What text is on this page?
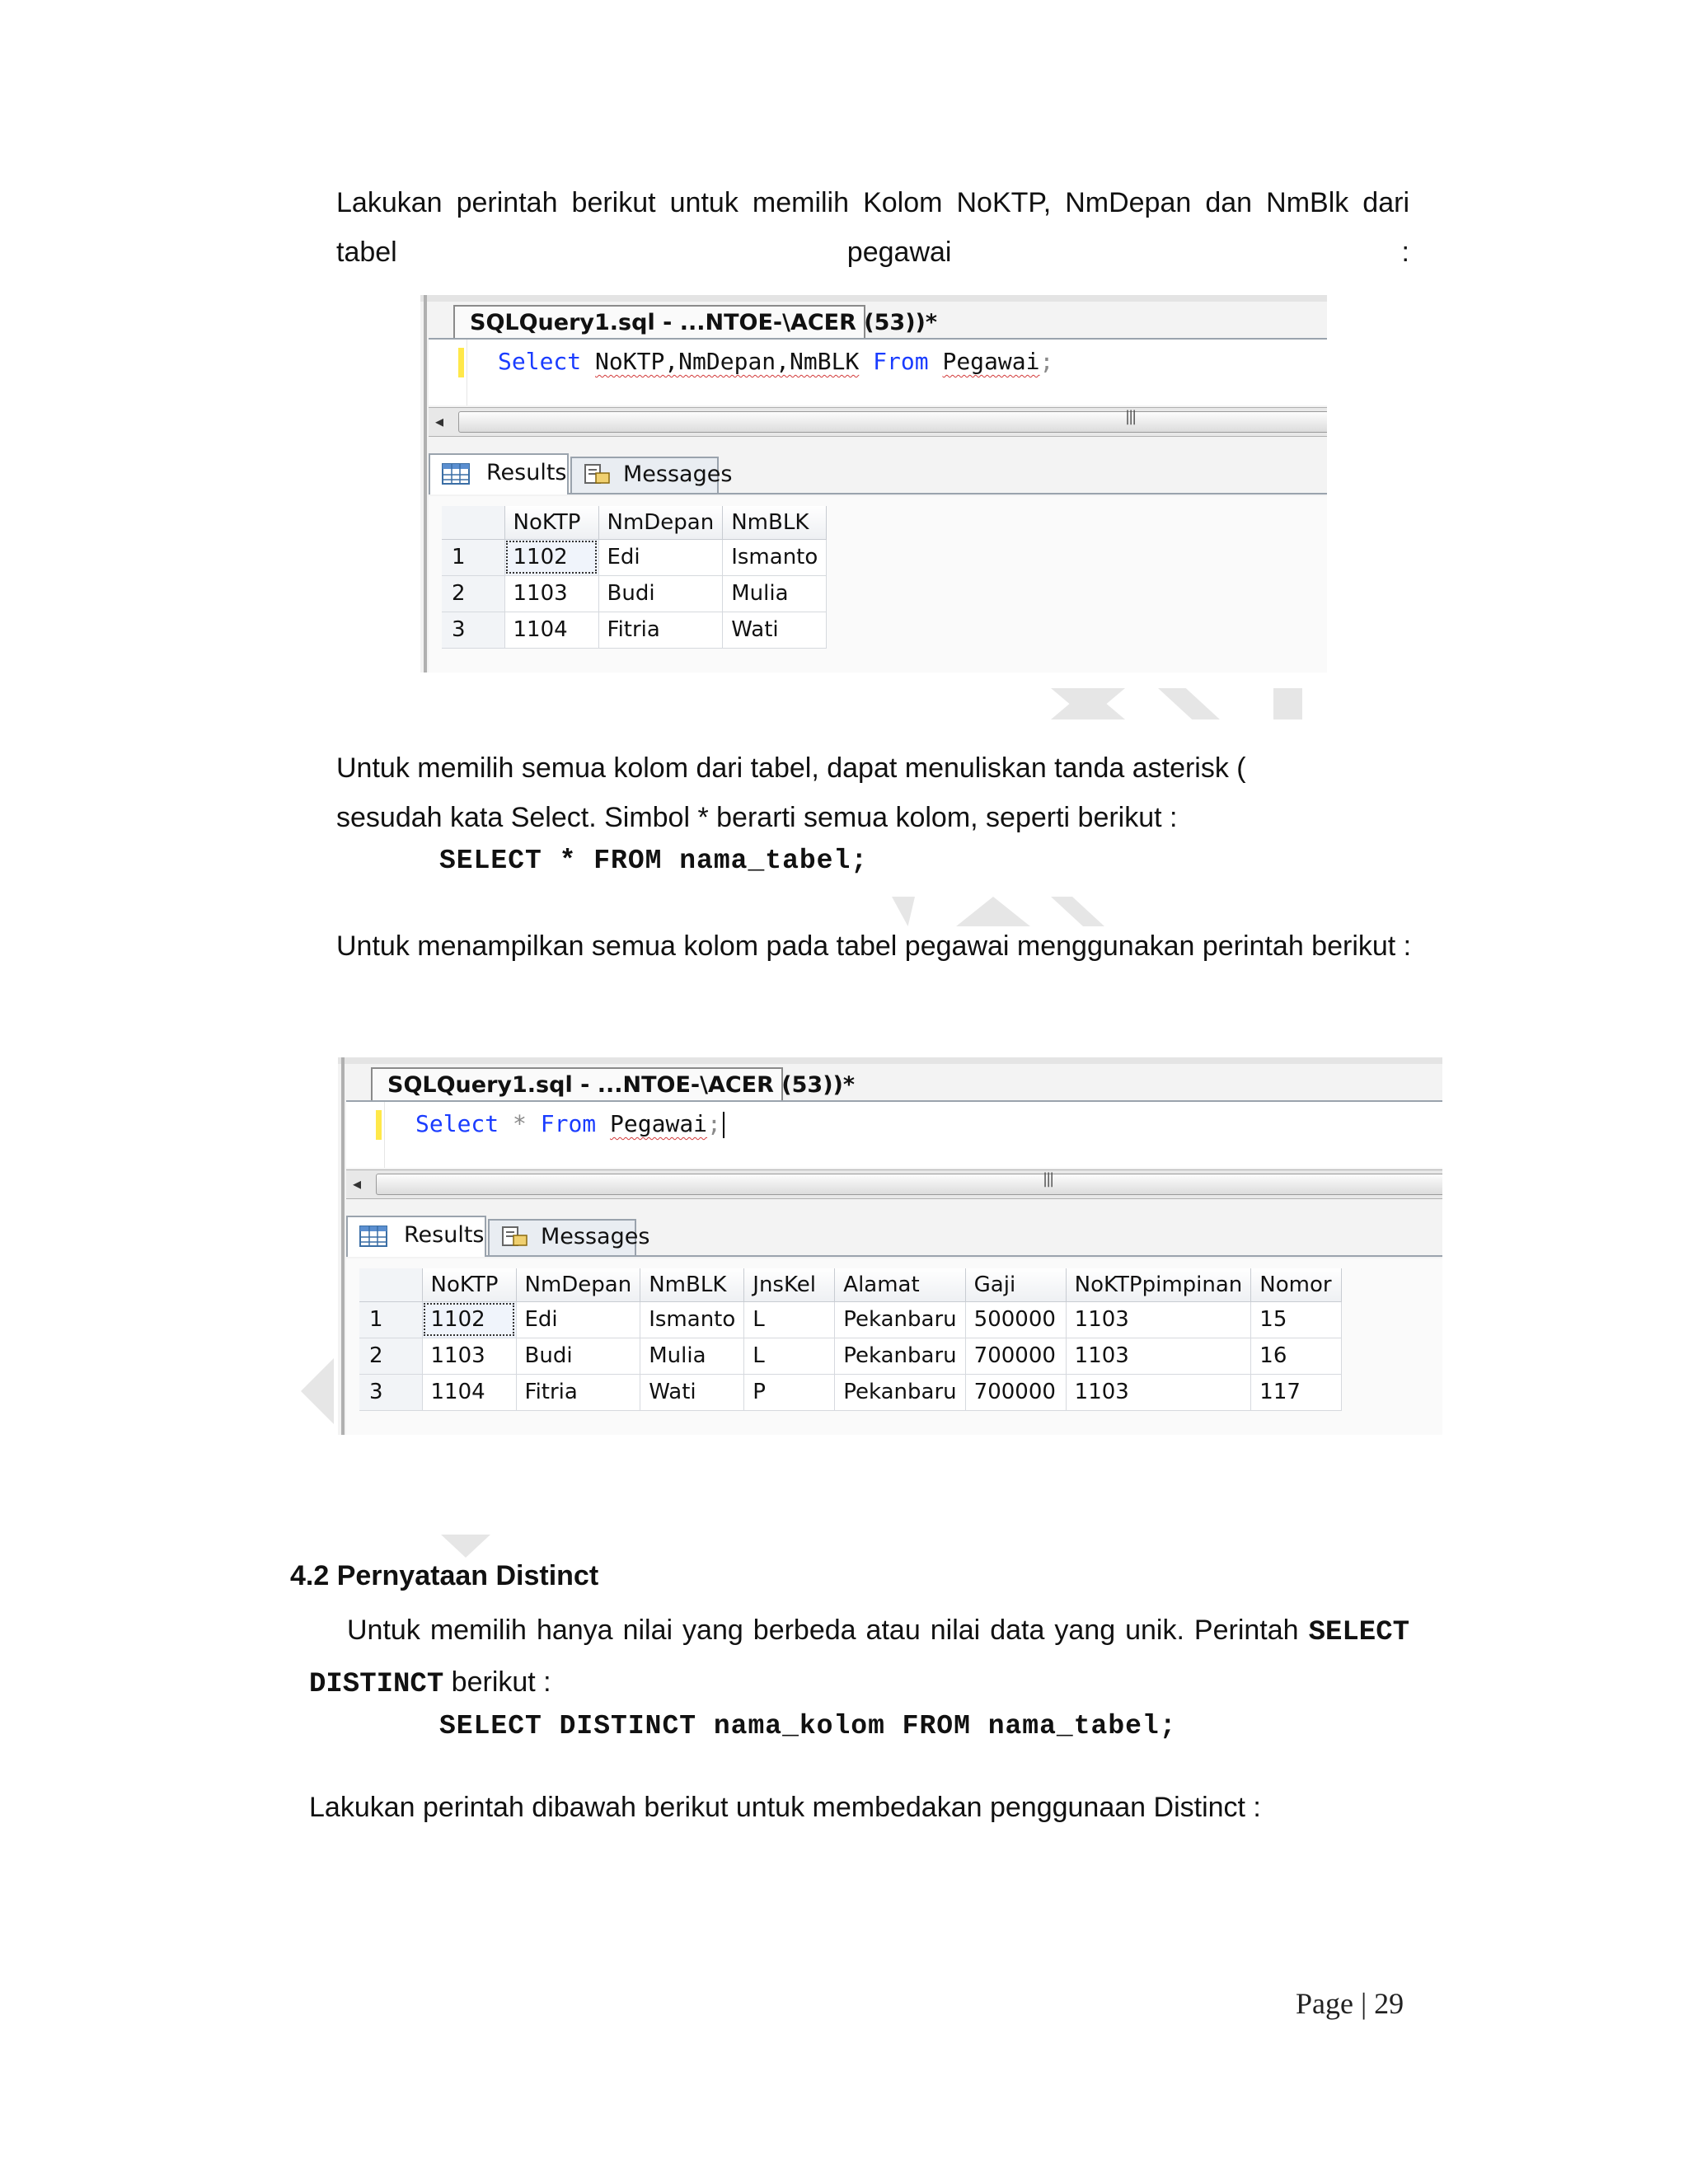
Lakukan perintah berikut untuk memilih Kolom NoKTP, NmDepan dan NmBlk dari tabel pegawai :
SQLQuery1.sql - ...NTOE-\ACER (53))*
Select NoKTP,NmDepan,NmBLK From Pegawai;
◂	|||
Results	Messages
	NoKTP	NmDepan	NmBLK
1	1102	Edi	Ismanto
2	1103	Budi	Mulia
3	1104	Fitria	Wati
Untuk memilih semua kolom dari tabel, dapat menuliskan tanda asterisk (
sesudah kata Select. Simbol * berarti semua kolom, seperti berikut :
SELECT * FROM nama_tabel;
Untuk menampilkan semua kolom pada tabel pegawai menggunakan perintah berikut :
SQLQuery1.sql - ...NTOE-\ACER (53))*
Select * From Pegawai;
◂	|||
Results	Messages
	NoKTP	NmDepan	NmBLK	JnsKel	Alamat	Gaji	NoKTPpimpinan	Nomor
1	1102	Edi	Ismanto	L	Pekanbaru	500000	1103	15
2	1103	Budi	Mulia	L	Pekanbaru	700000	1103	16
3	1104	Fitria	Wati	P	Pekanbaru	700000	1103	117
4.2 Pernyataan Distinct
Untuk memilih hanya nilai yang berbeda atau nilai data yang unik. Perintah SELECT
DISTINCT berikut :
SELECT DISTINCT nama_kolom FROM nama_tabel;
Lakukan perintah dibawah berikut untuk membedakan penggunaan Distinct :
Page | 29
